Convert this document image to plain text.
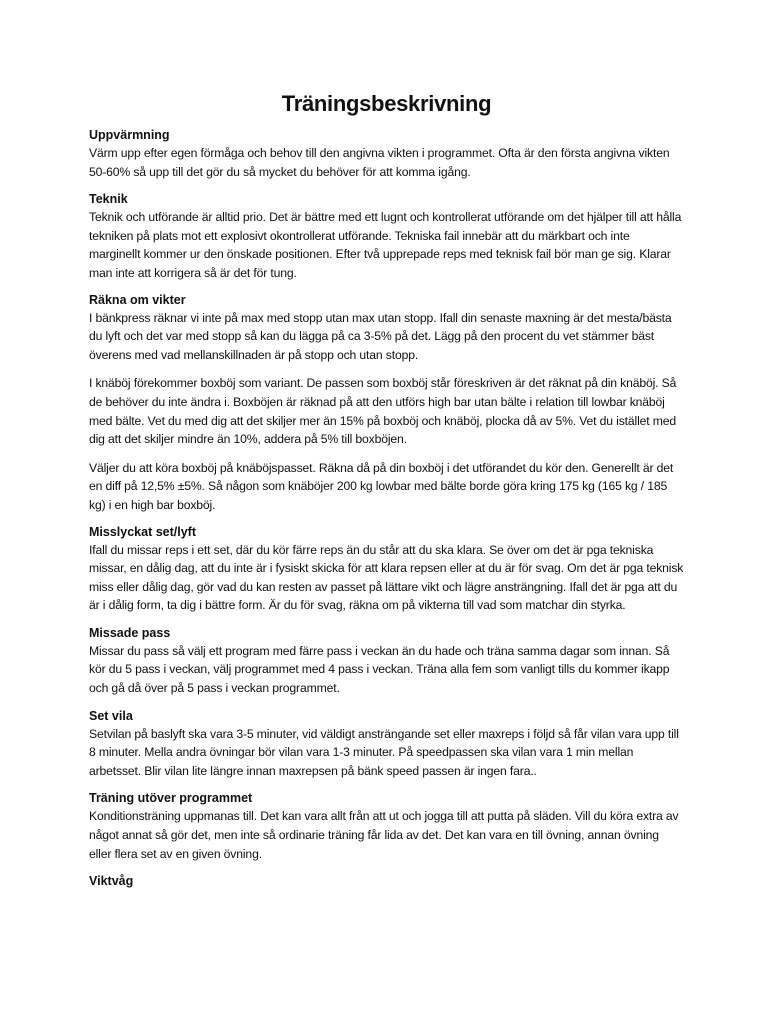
Träningsbeskrivning
Uppvärmning

Värm upp efter egen förmåga och behov till den angivna vikten i programmet. Ofta är den första angivna vikten 50-60% så upp till det gör du så mycket du behöver för att komma igång.

Teknik

Teknik och utförande är alltid prio. Det är bättre med ett lugnt och kontrollerat utförande om det hjälper till att hålla tekniken på plats mot ett explosivt okontrollerat utförande. Tekniska fail innebär att du märkbart och inte marginellt kommer ur den önskade positionen. Efter två upprepade reps med teknisk fail bör man ge sig. Klarar man inte att korrigera så är det för tung.

Räkna om vikter

I bänkpress räknar vi inte på max med stopp utan max utan stopp. Ifall din senaste maxning är det mesta/bästa du lyft och det var med stopp så kan du lägga på ca 3-5% på det. Lägg på den procent du vet stämmer bäst överens med vad mellanskillnaden är på stopp och utan stopp.

I knäböj förekommer boxböj som variant. De passen som boxböj står föreskriven är det räknat på din knäböj. Så de behöver du inte ändra i. Boxböjen är räknad på att den utförs high bar utan bälte i relation till lowbar knäböj med bälte. Vet du med dig att det skiljer mer än 15% på boxböj och knäböj, plocka då av 5%. Vet du istället med dig att det skiljer mindre än 10%, addera på 5% till boxböjen.

Väljer du att köra boxböj på knäböjspasset. Räkna då på din boxböj i det utförandet du kör den. Generellt är det en diff på 12,5% ±5%. Så någon som knäböjer 200 kg lowbar med bälte borde göra kring 175 kg (165 kg / 185 kg) i en high bar boxböj.

Misslyckat set/lyft

Ifall du missar reps i ett set, där du kör färre reps än du står att du ska klara. Se över om det är pga tekniska missar, en dålig dag, att du inte är i fysiskt skicka för att klara repsen eller at du är för svag. Om det är pga teknisk miss eller dålig dag, gör vad du kan resten av passet på lättare vikt och lägre ansträngning. Ifall det är pga att du är i dålig form, ta dig i bättre form. Är du för svag, räkna om på vikterna till vad som matchar din styrka.

Missade pass

Missar du pass så välj ett program med färre pass i veckan än du hade och träna samma dagar som innan. Så kör du 5 pass i veckan, välj programmet med 4 pass i veckan. Träna alla fem som vanligt tills du kommer ikapp och gå då över på 5 pass i veckan programmet.

Set vila

Setvilan på baslyft ska vara 3-5 minuter, vid väldigt ansträngande set eller maxreps i följd så får vilan vara upp till 8 minuter. Mella andra övningar bör vilan vara 1-3 minuter. På speedpassen ska vilan vara 1 min mellan arbetsset. Blir vilan lite längre innan maxrepsen på bänk speed passen är ingen fara..

Träning utöver programmet

Konditionsträning uppmanas till. Det kan vara allt från att ut och jogga till att putta på släden. Vill du köra extra av något annat så gör det, men inte så ordinarie träning får lida av det. Det kan vara en till övning, annan övning eller flera set av en given övning.

Viktvåg
